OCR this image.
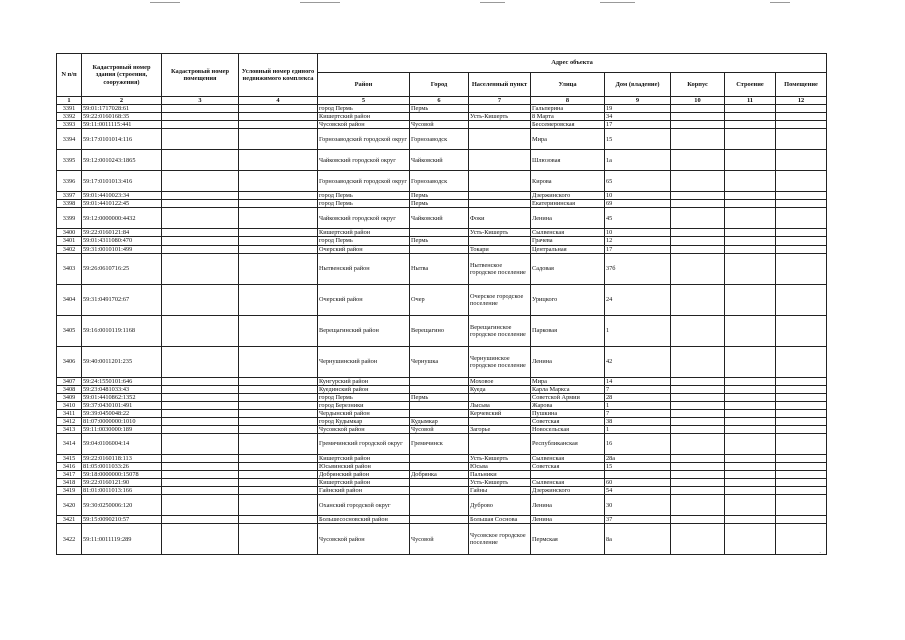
N п/п	Кадастровый номер здания (строения, сооружения)	Кадастровый номер помещения	Условный номер единого недвижимого комплекса	Адрес объекта							
				Район	Город	Населенный пункт	Улица	Дом (владение)	Корпус	Строение	Помещение
1	2	3	4	5	6	7	8	9	10	11	12
3391	59:01:1717028:61			город Пермь	Пермь		Гальперина	19			
3392	59:22:0160168:35			Кишертский район		Усть-Кишерть	8 Марта	34			
3393	59:11:0011115:441			Чусовской район	Чусовой		Бессемеровская	17			
3394	59:17:0101014:116			Горнозаводский городской округ	Горнозаводск		Мира	15			
3395	59:12:0010243:1865			Чайковский городской округ	Чайковский		Шлюзовая	1а			
3396	59:17:0101013:416			Горнозаводский городской округ	Горнозаводск		Кирова	65			
3397	59:01:4410023:34			город Пермь	Пермь		Дзержинского	10			
3398	59:01:4410122:45			город Пермь	Пермь		Екатерининская	69			
3399	59:12:0000000:4432			Чайковский городской округ	Чайковский	Фоки	Ленина	45			
3400	59:22:0160121:84			Кишертский район		Усть-Кишерть	Сылвенская	10			
3401	59:01:4311080:470			город Пермь	Пермь		Грачева	12			
3402	59:31:0010101:499			Очерский район		Токари	Центральная	17			
3403	59:26:0610716:25			Нытвенский район	Нытва	Нытвенское городское поселение	Садовая	37б			
3404	59:31:0491702:67			Очерский район	Очер	Очерское городское поселение	Урицкого	24			
3405	59:16:0010119:1168			Верещагинский район	Верещагино	Верещагинское городское поселение	Парковая	1			
3406	59:40:0011201:235			Чернушинский район	Чернушка	Чернушинское городское поселение	Ленина	42			
3407	59:24:1550101:646			Кунгурский район		Моховое	Мира	14			
3408	59:23:0481033:43			Куединский район		Куеда	Карла Маркса	7			
3409	59:01:4410862:1352			город Пермь	Пермь		Советской Армии	28			
3410	59:37:0430101:491			город Березники		Лысьва	Жарова	1			
3411	59:39:0450048:22			Чердынский район		Керчевский	Пушкина	7			
3412	81:07:0000000:1010			город Кудымкар	Кудымкар		Советская	38			
3413	59:11:0030000:189			Чусовской район	Чусовой	Загорье	Новосельская	1			
3414	59:04:0106004:14			Гремячинский городской округ	Гремячинск		Республиканская	16			
3415	59:22:0160118:113			Кишертский район		Усть-Кишерть	Сылвенская	28а			
3416	81:05:0011033:26			Юсьвинский район		Юсьва	Советская	15			
3417	59:18:0000000:15078			Добрянский район	Добрянка	Пальники					
3418	59:22:0160121:90			Кишертский район		Усть-Кишерть	Сылвенская	60			
3419	81:01:0011013:166			Гайнский район		Гайны	Дзержинского	54			
3420	59:30:0250006:120			Оханский городской округ		Дуброво	Ленина	30			
3421	59:15:0090210:57			Большесосновский район		Большая Соснова	Ленина	37			
3422	59:11:0011119:289			Чусовской район	Чусовой	Чусовское городское поселение	Пермская	8а			
˙
